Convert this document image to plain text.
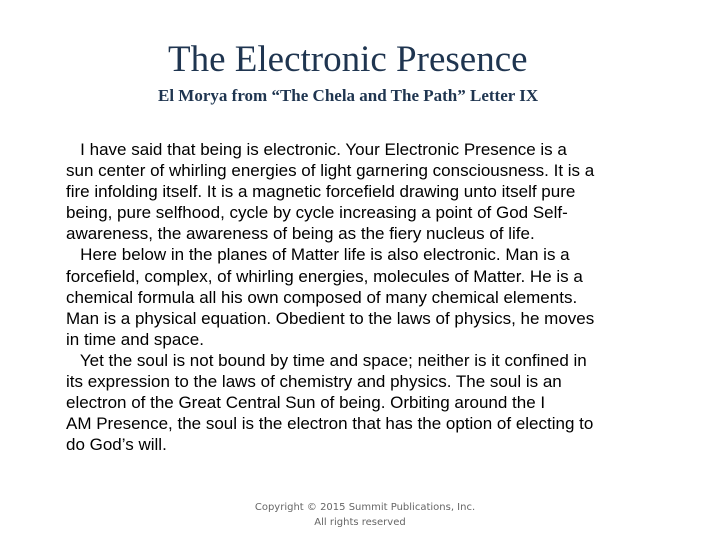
The Electronic Presence
El Morya from “The Chela and The Path” Letter IX
I have said that being is electronic. Your Electronic Presence is a
sun center of whirling energies of light garnering consciousness. It is a
fire infolding itself. It is a magnetic forcefield drawing unto itself pure
being, pure selfhood, cycle by cycle increasing a point of God Self-
awareness, the awareness of being as the fiery nucleus of life.
Here below in the planes of Matter life is also electronic. Man is a
forcefield, complex, of whirling energies, molecules of Matter. He is a
chemical formula all his own composed of many chemical elements.
Man is a physical equation. Obedient to the laws of physics, he moves
in time and space.
Yet the soul is not bound by time and space; neither is it confined in
its expression to the laws of chemistry and physics. The soul is an
electron of the Great Central Sun of being. Orbiting around the I
AM Presence, the soul is the electron that has the option of electing to
do God’s will.
Copyright © 2015 Summit Publications, Inc.
All rights reserved
